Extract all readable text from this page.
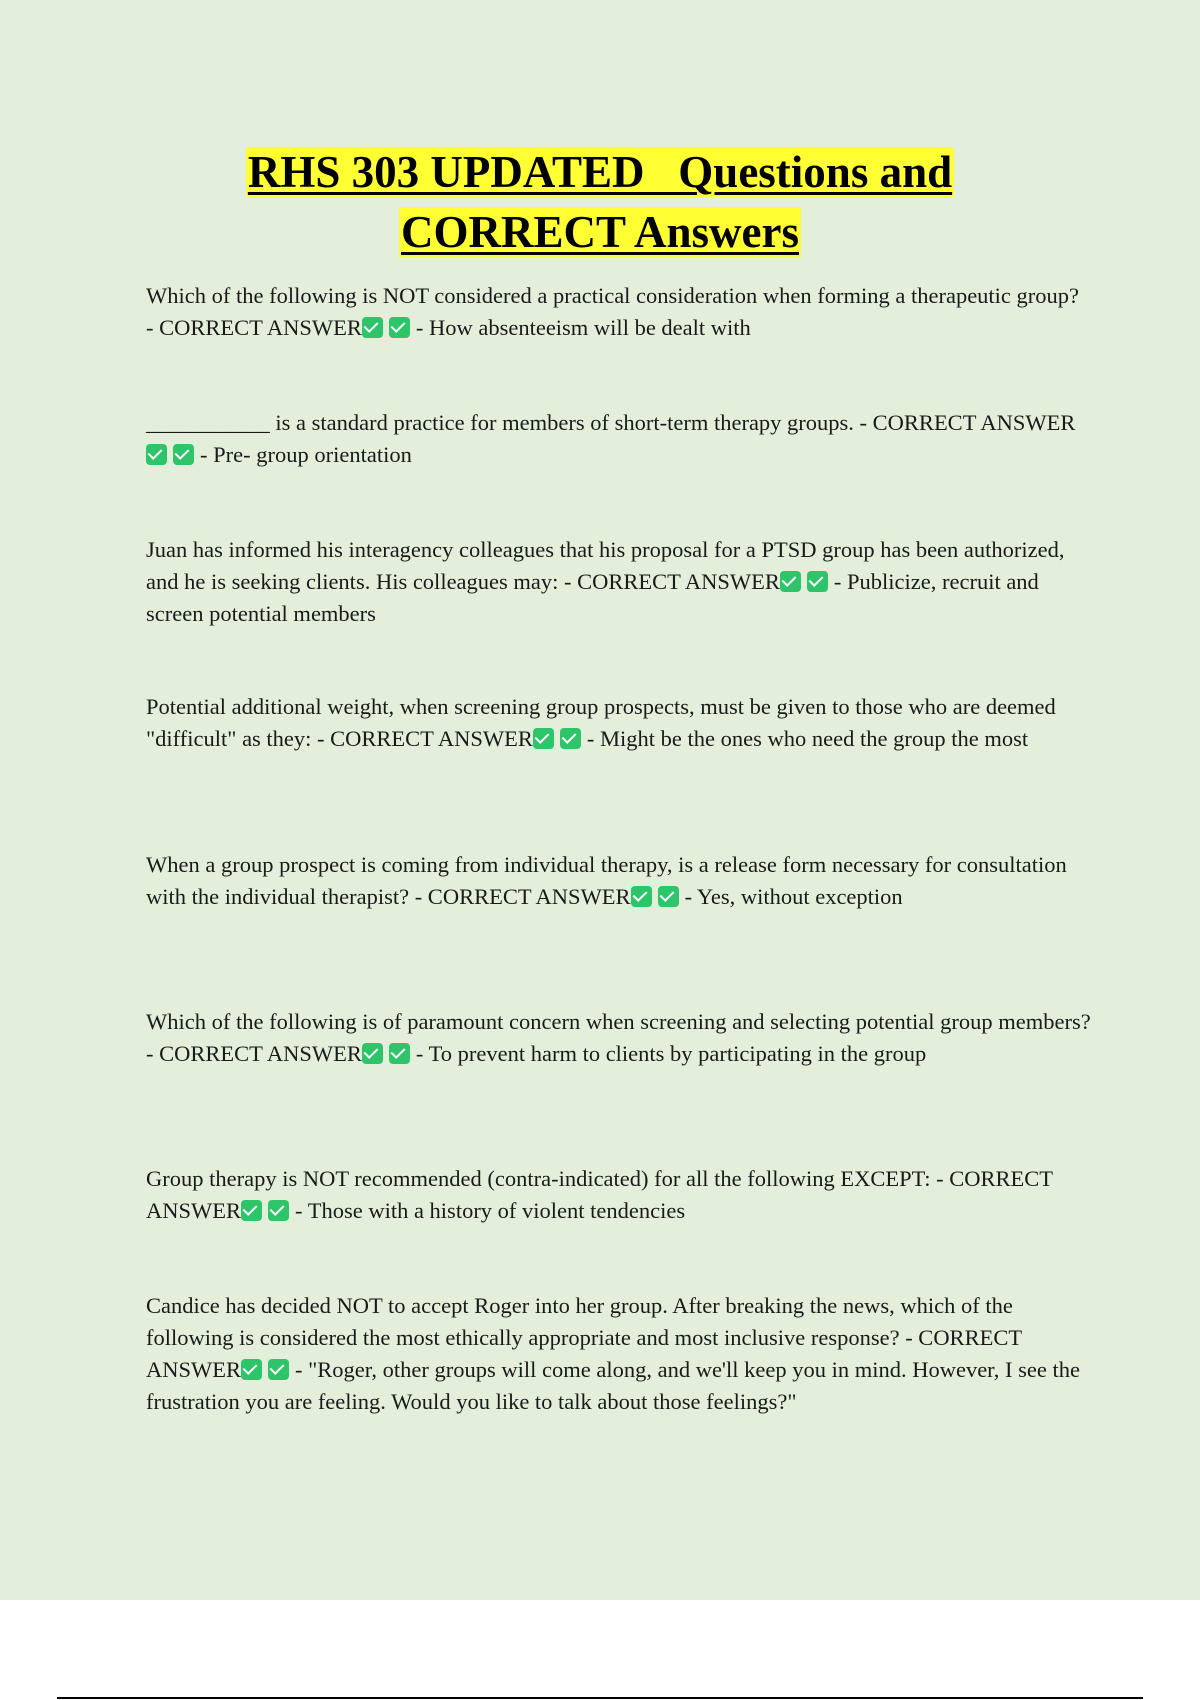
RHS 303 UPDATED   Questions and
CORRECT Answers
Which of the following is NOT considered a practical consideration when forming a therapeutic group? - CORRECT ANSWER - How absenteeism will be dealt with
___________ is a standard practice for members of short-term therapy groups. - CORRECT ANSWER- Pre- group orientation
Juan has informed his interagency colleagues that his proposal for a PTSD group has been authorized, and he is seeking clients. His colleagues may: - CORRECT ANSWER - Publicize, recruit and screen potential members
Potential additional weight, when screening group prospects, must be given to those who are deemed "difficult" as they: - CORRECT ANSWER - Might be the ones who need the group the most
When a group prospect is coming from individual therapy, is a release form necessary for consultation with the individual therapist? - CORRECT ANSWER - Yes, without exception
Which of the following is of paramount concern when screening and selecting potential group members? - CORRECT ANSWER - To prevent harm to clients by participating in the group
Group therapy is NOT recommended (contra-indicated) for all the following EXCEPT: - CORRECT ANSWER - Those with a history of violent tendencies
Candice has decided NOT to accept Roger into her group. After breaking the news, which of the following is considered the most ethically appropriate and most inclusive response? - CORRECT ANSWER - "Roger, other groups will come along, and we'll keep you in mind. However, I see the frustration you are feeling. Would you like to talk about those feelings?"
